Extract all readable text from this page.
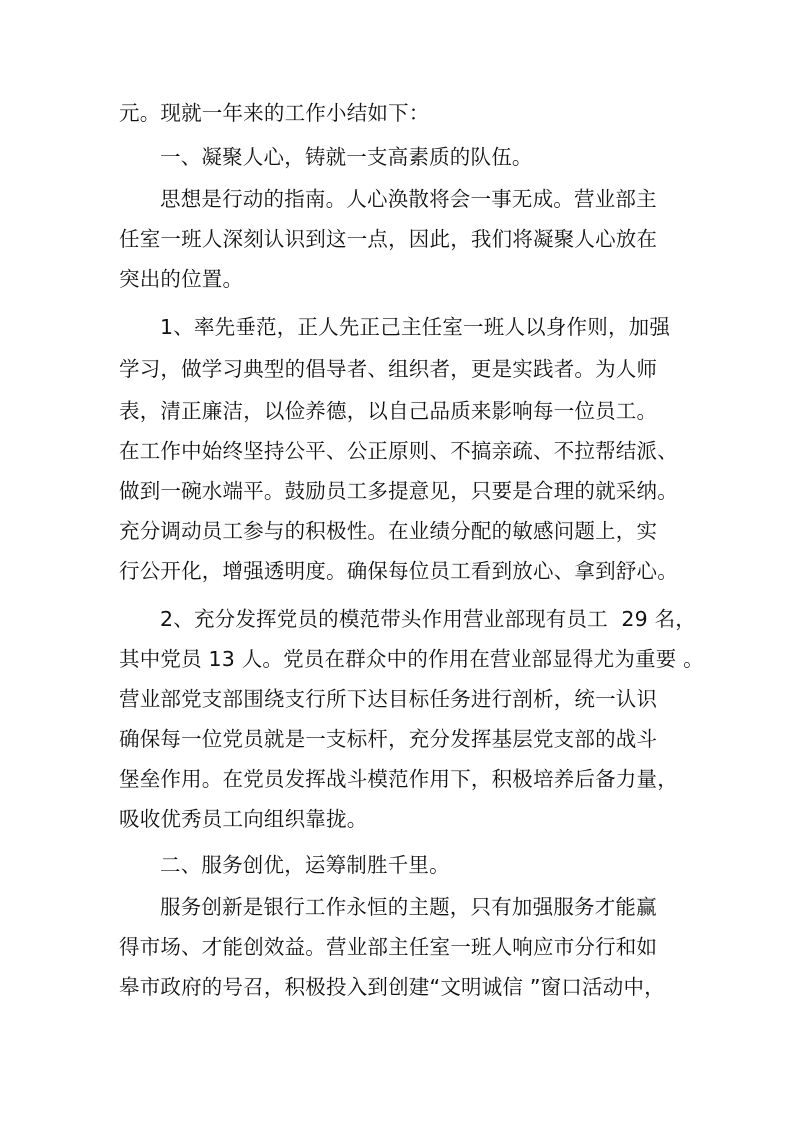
元。现就一年来的工作小结如下：
一、凝聚人心，铸就一支高素质的队伍。
思想是行动的指南。人心涣散将会一事无成。营业部主
任室一班人深刻认识到这一点，因此，我们将凝聚人心放在
突出的位置。
1、率先垂范，正人先正己主任室一班人以身作则，加强
学习，做学习典型的倡导者、组织者，更是实践者。为人师
表，清正廉洁，以俭养德，以自己品质来影响每一位员工。
在工作中始终坚持公平、公正原则、不搞亲疏、不拉帮结派、
做到一碗水端平。鼓励员工多提意见，只要是合理的就采纳。
充分调动员工参与的积极性。在业绩分配的敏感问题上，实
行公开化，增强透明度。确保每位员工看到放心、拿到舒心。
2、充分发挥党员的模范带头作用营业部现有员工  29 名，
其中党员 13 人。党员在群众中的作用在营业部显得尤为重要 。
营业部党支部围绕支行所下达目标任务进行剖析，统一认识
确保每一位党员就是一支标杆，充分发挥基层党支部的战斗
堡垒作用。在党员发挥战斗模范作用下，积极培养后备力量，
吸收优秀员工向组织靠拢。
二、服务创优，运筹制胜千里。
服务创新是银行工作永恒的主题，只有加强服务才能赢
得市场、才能创效益。营业部主任室一班人响应市分行和如
皋市政府的号召，积极投入到创建“文明诚信 ”窗口活动中，
